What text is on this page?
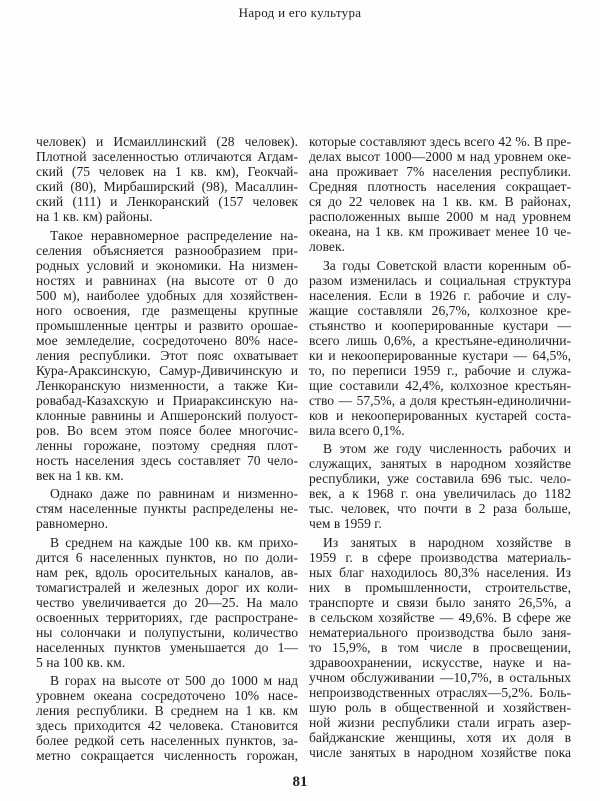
Народ и его культура
человек) и Исмаиллинский (28 человек).
Плотной заселенностью отличаются Агдам-
ский (75 человек на 1 кв. км), Геокчай-
ский (80), Мирбаширский (98), Масаллин-
ский (111) и Ленкоранский (157 человек
на 1 кв. км) районы.
Такое неравномерное распределение на-
селения объясняется разнообразием при-
родных условий и экономики. На низмен-
ностях и равнинах (на высоте от 0 до
500 м), наиболее удобных для хозяйствен-
ного освоения, где размещены крупные
промышленные центры и развито орошае-
мое земледелие, сосредоточено 80% насе-
ления республики. Этот пояс охватывает
Кура-Араксинскую, Самур-Дивичинскую и
Ленкоранскую низменности, а также Ки-
ровабад-Казахскую и Приараксинскую на-
клонные равнины и Апшеронский полуост-
ров. Во всем этом поясе более многочис-
ленны горожане, поэтому средняя плот-
ность населения здесь составляет 70 чело-
век на 1 кв. км.
Однако даже по равнинам и низменно-
стям населенные пункты распределены не-
равномерно.
В среднем на каждые 100 кв. км прихо-
дится 6 населенных пунктов, но по доли-
нам рек, вдоль оросительных каналов, ав-
томагистралей и железных дорог их коли-
чество увеличивается до 20—25. На мало
освоенных территориях, где распростране-
ны солончаки и полупустыни, количество
населенных пунктов уменьшается до 1—
5 на 100 кв. км.
В горах на высоте от 500 до 1000 м над
уровнем океана сосредоточено 10% насе-
ления республики. В среднем на 1 кв. км
здесь приходится 42 человека. Становится
более редкой сеть населенных пунктов, за-
метно сокращается численность горожан,
которые составляют здесь всего 42 %. В пре-
делах высот 1000—2000 м над уровнем оке-
ана проживает 7% населения республики.
Средняя плотность населения сокращает-
ся до 22 человек на 1 кв. км. В районах,
расположенных выше 2000 м над уровнем
океана, на 1 кв. км проживает менее 10 че-
ловек.
За годы Советской власти коренным об-
разом изменилась и социальная структура
населения. Если в 1926 г. рабочие и слу-
жащие составляли 26,7%, колхозное кре-
стьянство и кооперированные кустари —
всего лишь 0,6%, а крестьяне-единолични-
ки и некооперированные кустари — 64,5%,
то, по переписи 1959 г., рабочие и служа-
щие составили 42,4%, колхозное крестьян-
ство — 57,5%, а доля крестьян-единолични-
ков и некооперированных кустарей соста-
вила всего 0,1%.
В этом же году численность рабочих и
служащих, занятых в народном хозяйстве
республики, уже составила 696 тыс. чело-
век, а к 1968 г. она увеличилась до 1182
тыс. человек, что почти в 2 раза больше,
чем в 1959 г.
Из занятых в народном хозяйстве в
1959 г. в сфере производства материаль-
ных благ находилось 80,3% населения. Из
них в промышленности, строительстве,
транспорте и связи было занято 26,5%, а
в сельском хозяйстве — 49,6%. В сфере же
нематериального производства было заня-
то 15,9%, в том числе в просвещении,
здравоохранении, искусстве, науке и на-
учном обслуживании —10,7%, в остальных
непроизводственных отраслях—5,2%. Боль-
шую роль в общественной и хозяйствен-
ной жизни республики стали играть азер-
байджанские женщины, хотя их доля в
числе занятых в народном хозяйстве пока
81
